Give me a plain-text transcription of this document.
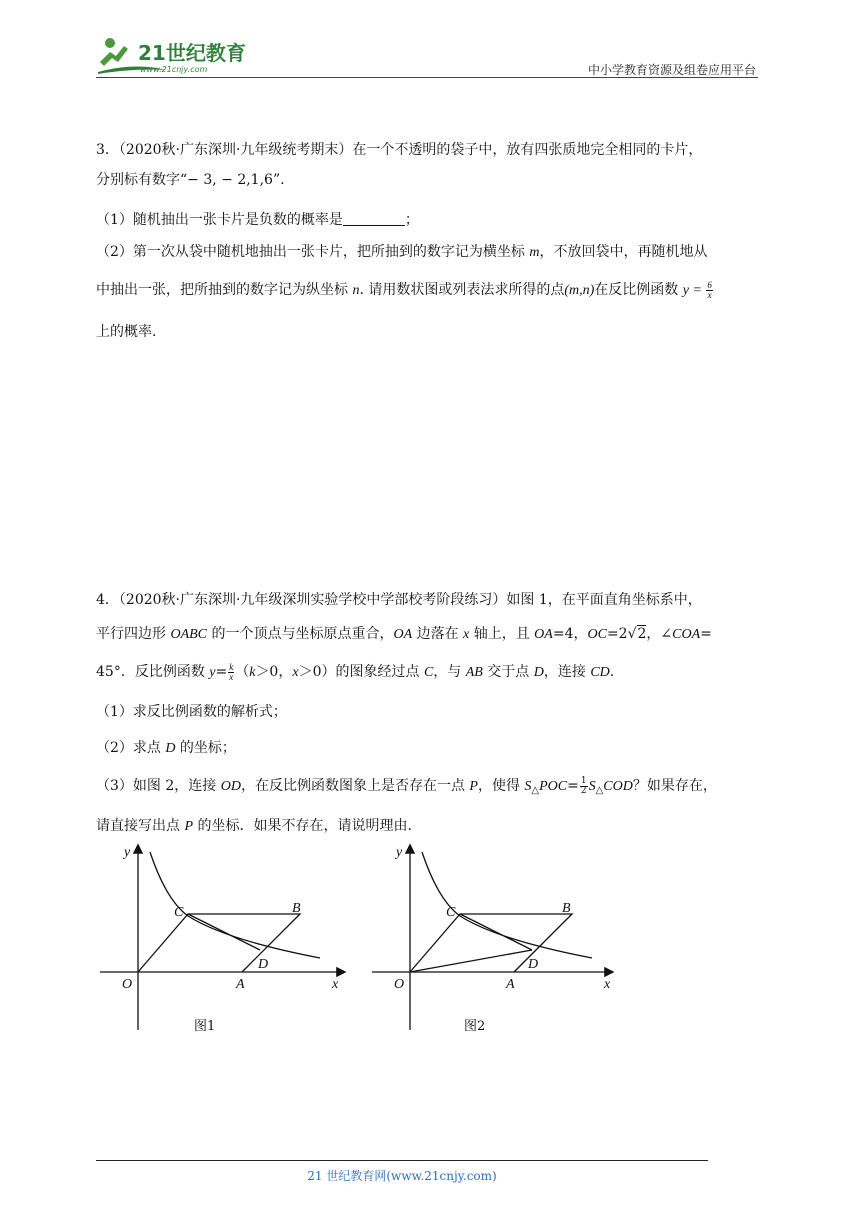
21世纪教育
www.21cnjy.com	中小学教育资源及组卷应用平台
3．（2020秋·广东深圳·九年级统考期末）在一个不透明的袋子中，放有四张质地完全相同的卡片，
分别标有数字“− 3, − 2,1,6”.
（1）随机抽出一张卡片是负数的概率是	；
（2）第一次从袋中随机地抽出一张卡片，把所抽到的数字记为横坐标 m，不放回袋中，再随机地从
中抽出一张，把所抽到的数字记为纵坐标 n. 请用数状图或列表法求所得的点(m,n)在反比例函数 $y = \frac{6}{x}$
上的概率.
4．（2020秋·广东深圳·九年级深圳实验学校中学部校考阶段练习）如图 1，在平面直角坐标系中，
平行四边形 OABC 的一个顶点与坐标原点重合，OA 边落在 x 轴上，且 OA=4，OC=2√2，∠COA=
45°．反比例函数 $y= \frac{k}{x} (k>0$，x＞0）的图象经过点 C，与 AB 交于点 D，连接 CD.
（1）求反比例函数的解析式；
（2）求点 D 的坐标；
（3）如图 2，连接 OD，在反比例函数图象上是否存在一点 P，使得 $S_\triangle POC= \frac{1}{2} S_\triangle COD$？如果存在，
请直接写出点 P 的坐标．如果不存在，请说明理由.
y
x
O	A
B
C
D
图1
y
x
O	A
B
C
D
图2
21 世纪教育网(www.21cnjy.com)
